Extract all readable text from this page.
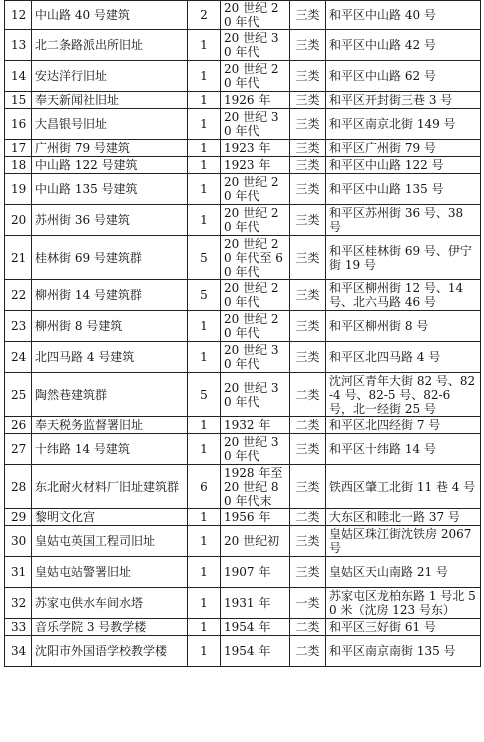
12	中山路 40 号建筑	2	20 世纪 20 年代	三类	和平区中山路 40 号
13	北二条路派出所旧址	1	20 世纪 30 年代	三类	和平区中山路 42 号
14	安达洋行旧址	1	20 世纪 20 年代	三类	和平区中山路 62 号
15	奉天新闻社旧址	1	1926 年	三类	和平区开封街三巷 3 号
16	大昌银号旧址	1	20 世纪 30 年代	三类	和平区南京北街 149 号
17	广州街 79 号建筑	1	1923 年	三类	和平区广州街 79 号
18	中山路 122 号建筑	1	1923 年	三类	和平区中山路 122 号
19	中山路 135 号建筑	1	20 世纪 20 年代	三类	和平区中山路 135 号
20	苏州街 36 号建筑	1	20 世纪 20 年代	三类	和平区苏州街 36 号、38 号
21	桂林街 69 号建筑群	5	20 世纪 20 年代至 60 年代	三类	和平区桂林街 69 号、伊宁街 19 号
22	柳州街 14 号建筑群	5	20 世纪 20 年代	三类	和平区柳州街 12 号、14 号、北六马路 46 号
23	柳州街 8 号建筑	1	20 世纪 20 年代	三类	和平区柳州街 8 号
24	北四马路 4 号建筑	1	20 世纪 30 年代	三类	和平区北四马路 4 号
25	陶然巷建筑群	5	20 世纪 30 年代	二类	沈河区青年大街 82 号、82-4 号、82-5 号、82-6 号，北一经街 25 号
26	奉天税务监督署旧址	1	1932 年	二类	和平区北四经街 7 号
27	十纬路 14 号建筑	1	20 世纪 30 年代	三类	和平区十纬路 14 号
28	东北耐火材料厂旧址建筑群	6	1928 年至 20 世纪 80 年代末	三类	铁西区肇工北街 11 巷 4 号
29	黎明文化宫	1	1956 年	二类	大东区和睦北一路 37 号
30	皇姑屯英国工程司旧址	1	20 世纪初	三类	皇姑区珠江街沈铁房 2067 号
31	皇姑屯站警署旧址	1	1907 年	三类	皇姑区天山南路 21 号
32	苏家屯供水车间水塔	1	1931 年	一类	苏家屯区龙柏东路 1 号北 50 米（沈房 123 号东）
33	音乐学院 3 号教学楼	1	1954 年	二类	和平区三好街 61 号
34	沈阳市外国语学校教学楼	1	1954 年	二类	和平区南京南街 135 号
